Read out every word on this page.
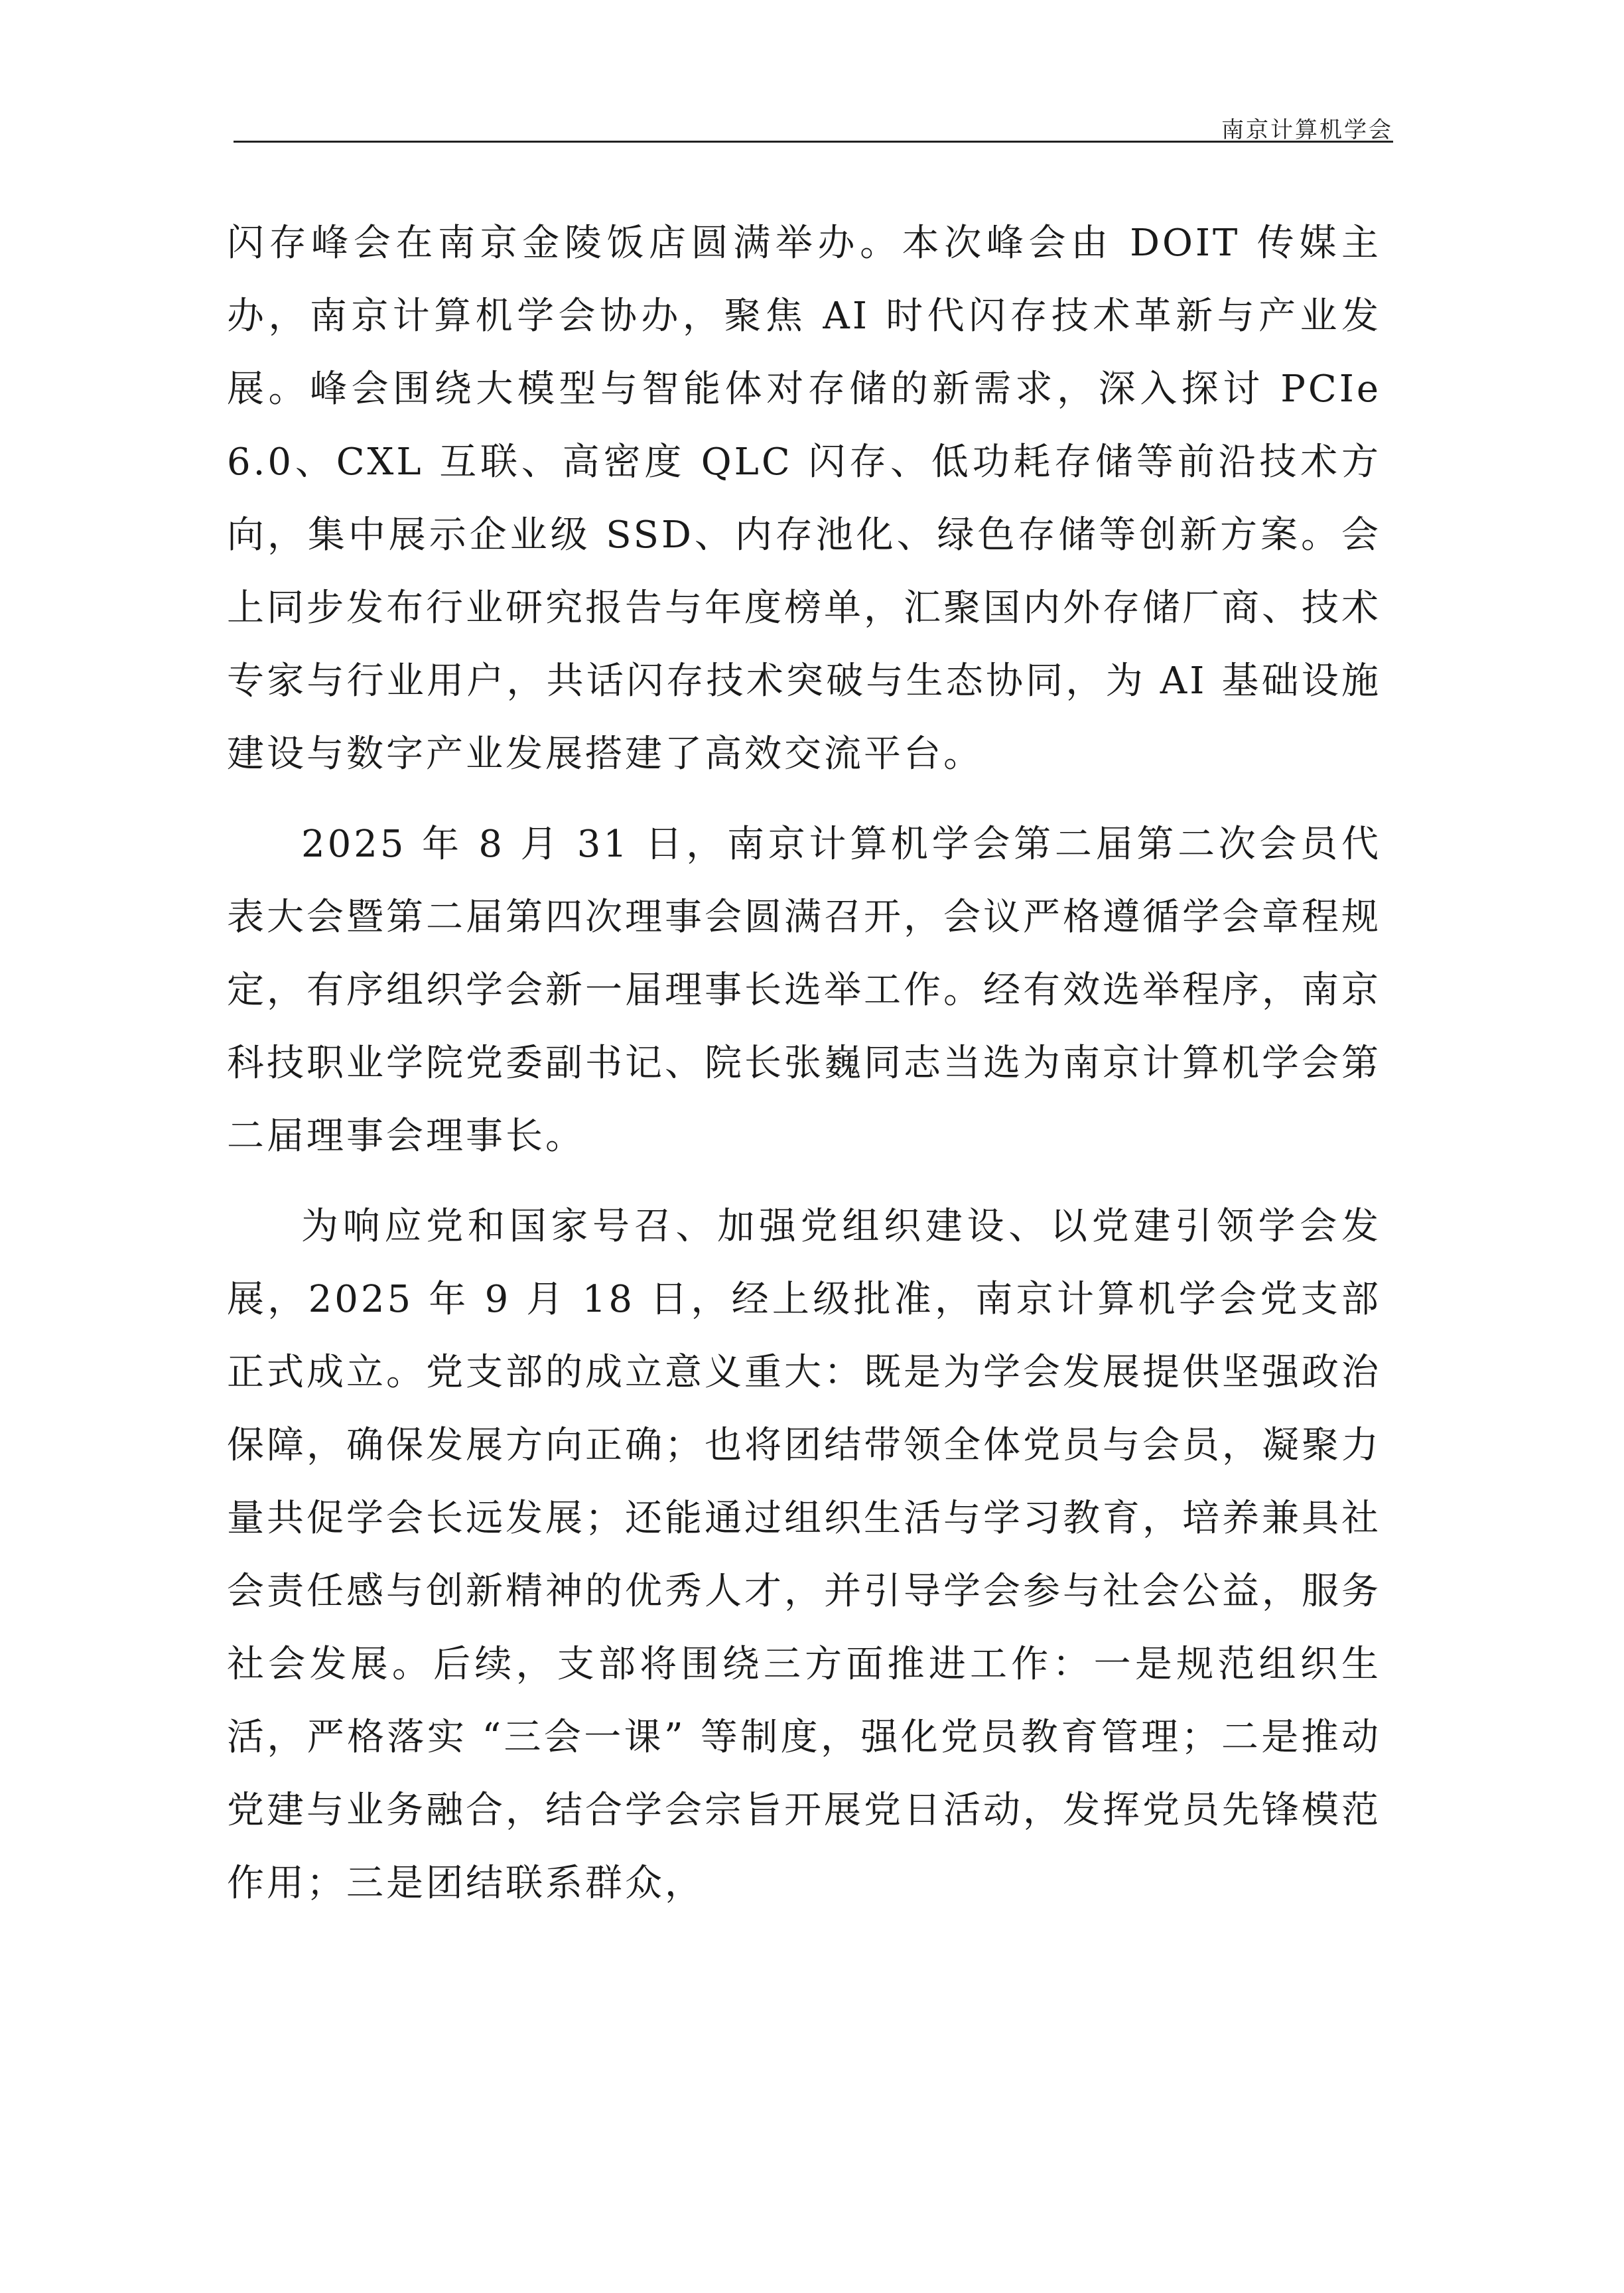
南京计算机学会

闪存峰会在南京金陵饭店圆满举办。本次峰会由 DOIT 传媒主办，南京计算机学会协办，聚焦 AI 时代闪存技术革新与产业发展。峰会围绕大模型与智能体对存储的新需求，深入探讨 PCIe 6.0、CXL 互联、高密度 QLC 闪存、低功耗存储等前沿技术方向，集中展示企业级 SSD、内存池化、绿色存储等创新方案。会上同步发布行业研究报告与年度榜单，汇聚国内外存储厂商、技术专家与行业用户，共话闪存技术突破与生态协同，为 AI 基础设施建设与数字产业发展搭建了高效交流平台。

2025 年 8 月 31 日，南京计算机学会第二届第二次会员代表大会暨第二届第四次理事会圆满召开，会议严格遵循学会章程规定，有序组织学会新一届理事长选举工作。经有效选举程序，南京科技职业学院党委副书记、院长张巍同志当选为南京计算机学会第二届理事会理事长。

为响应党和国家号召、加强党组织建设、以党建引领学会发展，2025 年 9 月 18 日，经上级批准，南京计算机学会党支部正式成立。党支部的成立意义重大：既是为学会发展提供坚强政治保障，确保发展方向正确；也将团结带领全体党员与会员，凝聚力量共促学会长远发展；还能通过组织生活与学习教育，培养兼具社会责任感与创新精神的优秀人才，并引导学会参与社会公益，服务社会发展。后续，支部将围绕三方面推进工作：一是规范组织生活，严格落实 “三会一课” 等制度，强化党员教育管理；二是推动党建与业务融合，结合学会宗旨开展党日活动，发挥党员先锋模范作用；三是团结联系群众，
